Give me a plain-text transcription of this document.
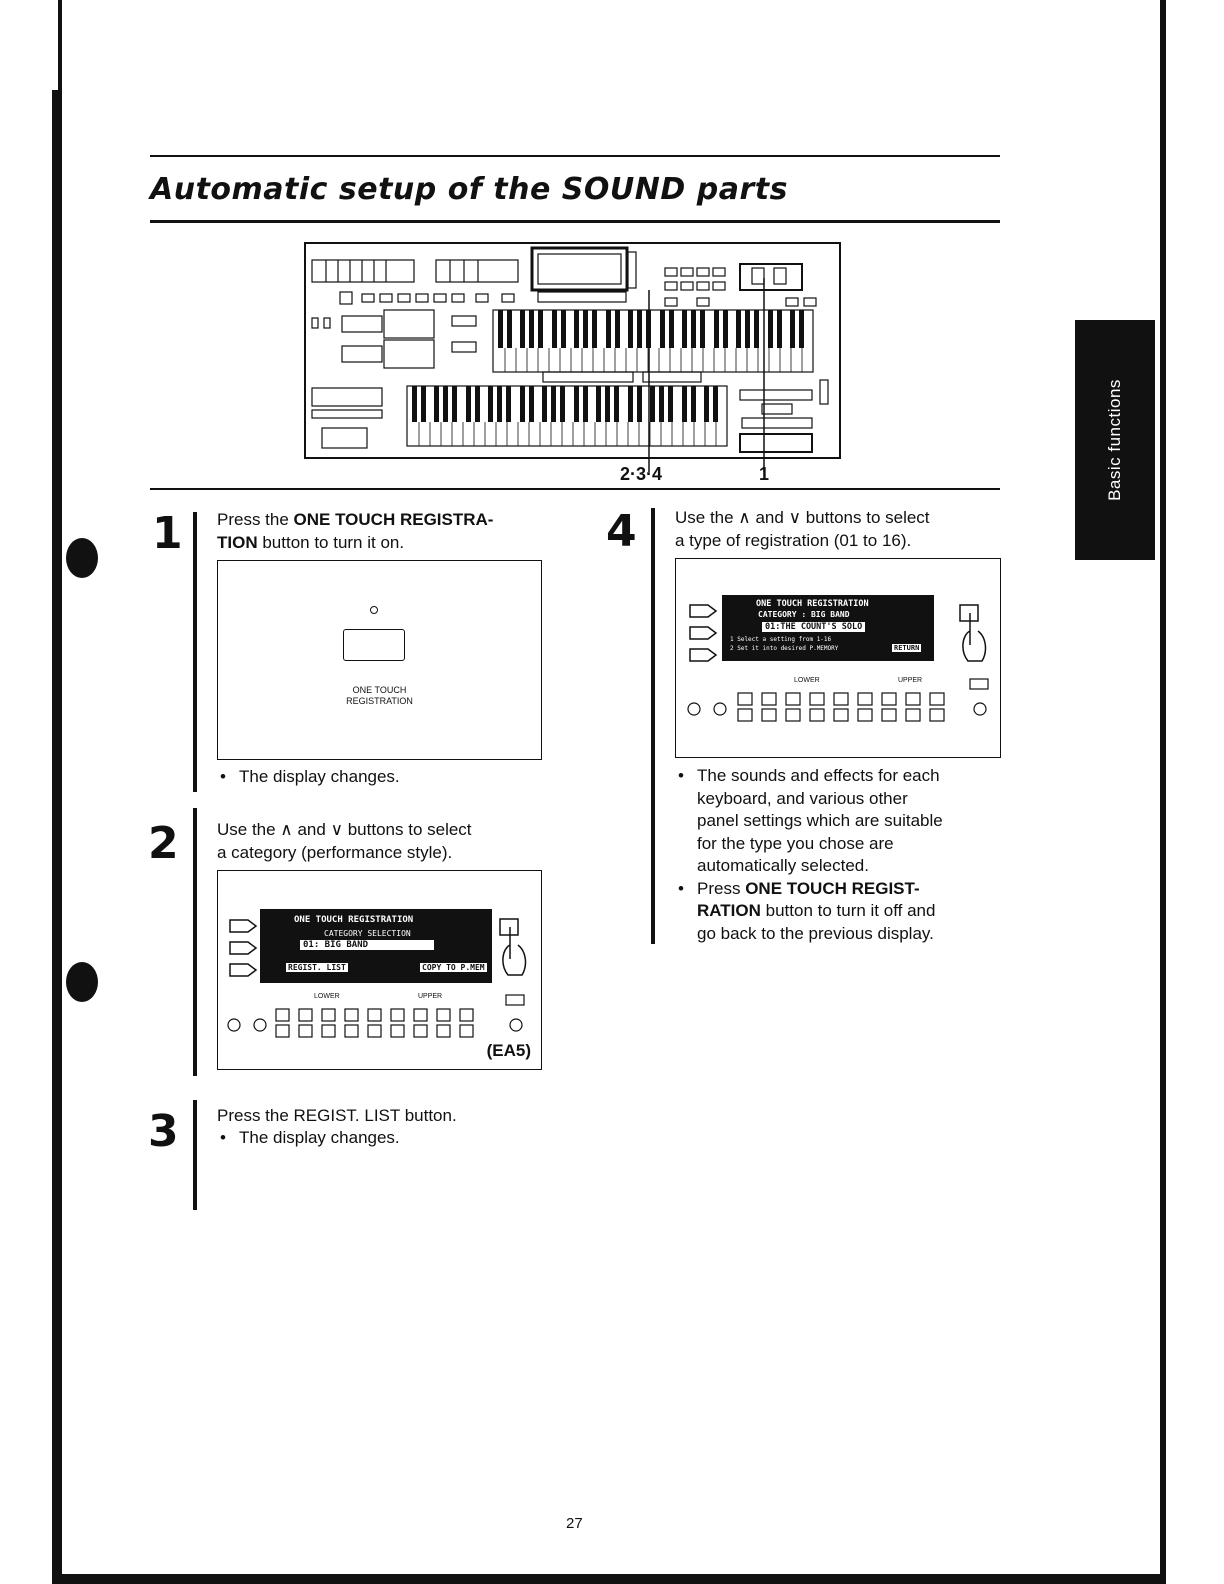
Automatic setup of the SOUND parts
Basic functions
2·3·4	1
1 Press the ONE TOUCH REGISTRA-
TION button to turn it on.
ONE TOUCH
REGISTRATION
• The display changes.
2 Use the ∧ and ∨ buttons to select
a category (performance style).
ONE TOUCH REGISTRATION
CATEGORY SELECTION
01: BIG BAND
REGIST. LIST	COPY TO P.MEM
LOWER	UPPER
(EA5)
3 Press the REGIST. LIST button.
• The display changes.
4 Use the ∧ and ∨ buttons to select
a type of registration (01 to 16).
ONE TOUCH REGISTRATION
CATEGORY : BIG BAND
01:THE COUNT'S SOLO
1 Select a setting from 1-16
2 Set it into desired P.MEMORY	RETURN
LOWER	UPPER
• The sounds and effects for each
keyboard, and various other
panel settings which are suitable
for the type you chose are
automatically selected.
• Press ONE TOUCH REGIST-
RATION button to turn it off and
go back to the previous display.
27
